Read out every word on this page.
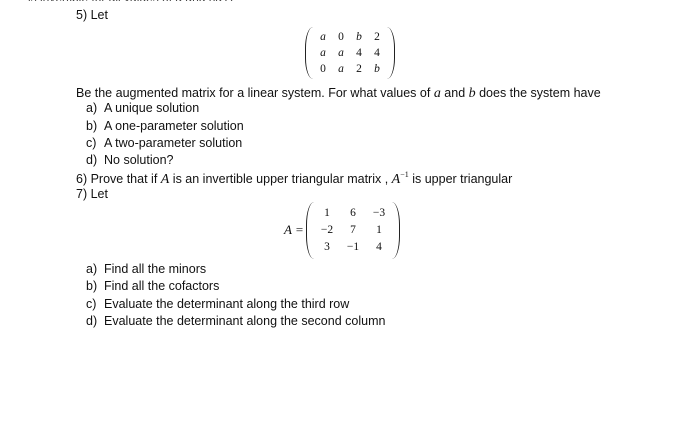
5) Let
a	0	b	2
a	a	4	4
0	a	2	b
Be the augmented matrix for a linear system. For what values of a and b does the system have
a) A unique solution
b) A one-parameter solution
c) A two-parameter solution
d) No solution?
6) Prove that if A is an invertible upper triangular matrix , $A^{-1}$ is upper triangular
7) Let
A =
1	6	−3
−2	7	1
3	−1	4
a) Find all the minors
b) Find all the cofactors
c) Evaluate the determinant along the third row
d) Evaluate the determinant along the second column
